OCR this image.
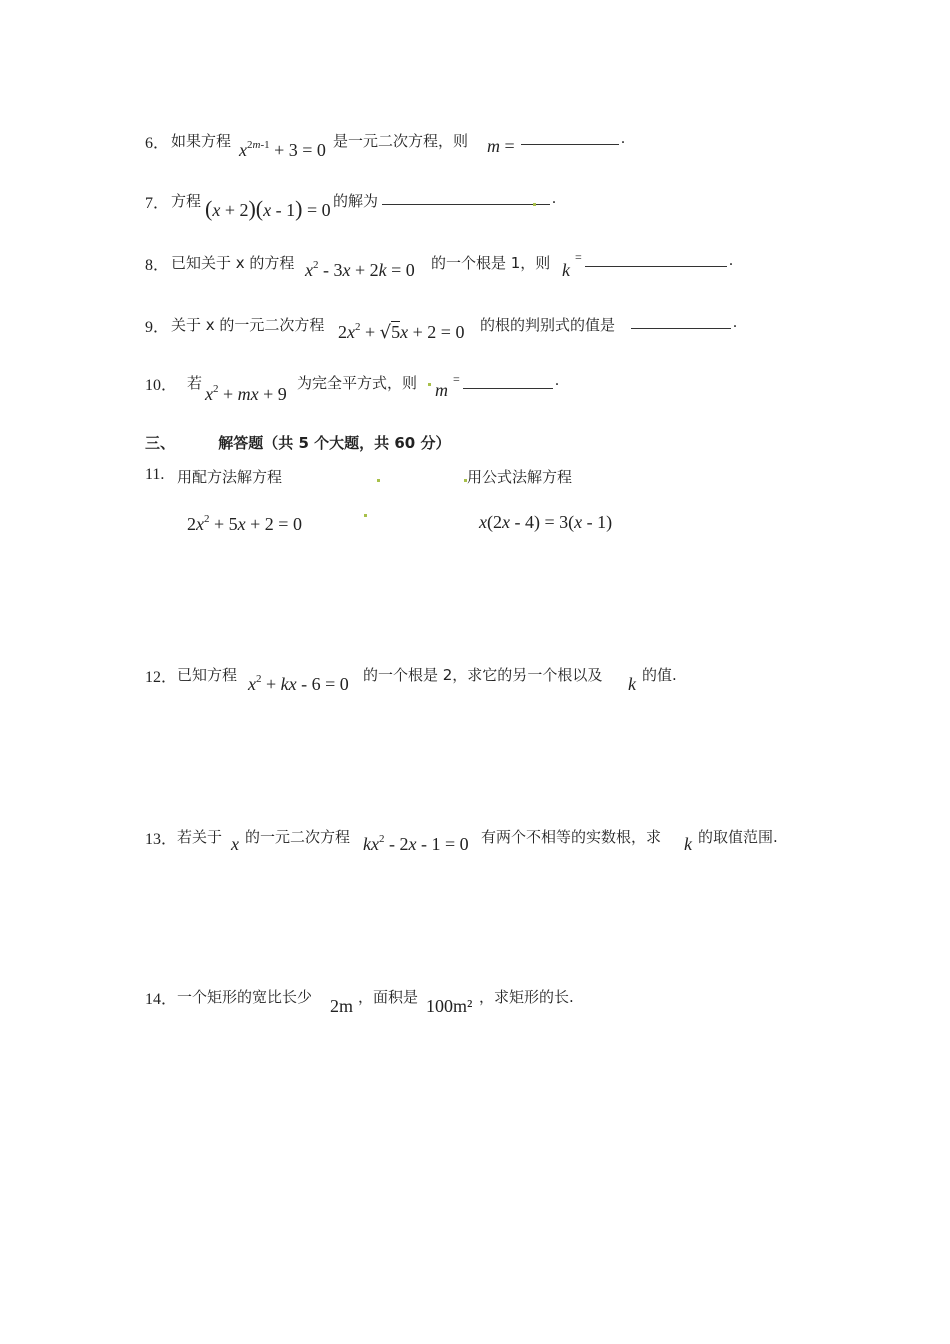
6． 如果方程 $x^{2m-1} + 3 = 0$ 是一元二次方程，则 m =	.
7． 方程 (x + 2)(x - 1) = 0 的解为	.
8． 已知关于 x 的方程 $x^2 - 3x + 2k = 0$ 的一个根是 1，则 k
=	.
9． 关于 x 的一元二次方程 $2x^2 + √5x + 2 = 0$ 的根的判别式的值是	.
10． 若
$x^2$ + mx + 9
为完全平方式，则 m
=	.
三、	解答题（共 5 个大题，共 60 分）
11. 用配方法解方程	用公式法解方程
$2x^2 + 5x + 2 = 0$	x(2x - 4) = 3(x - 1)
12． 已知方程 $x^2$ + kx - 6 = 0 的一个根是 2，求它的另一个根以及 k 的值.
13． 若关于 x 的一元二次方程 $kx^2 - 2x - 1 = 0$ 有两个不相等的实数根，求 k 的取值范围.
14． 一个矩形的宽比长少 2m ，面积是 100m² ，求矩形的长.
